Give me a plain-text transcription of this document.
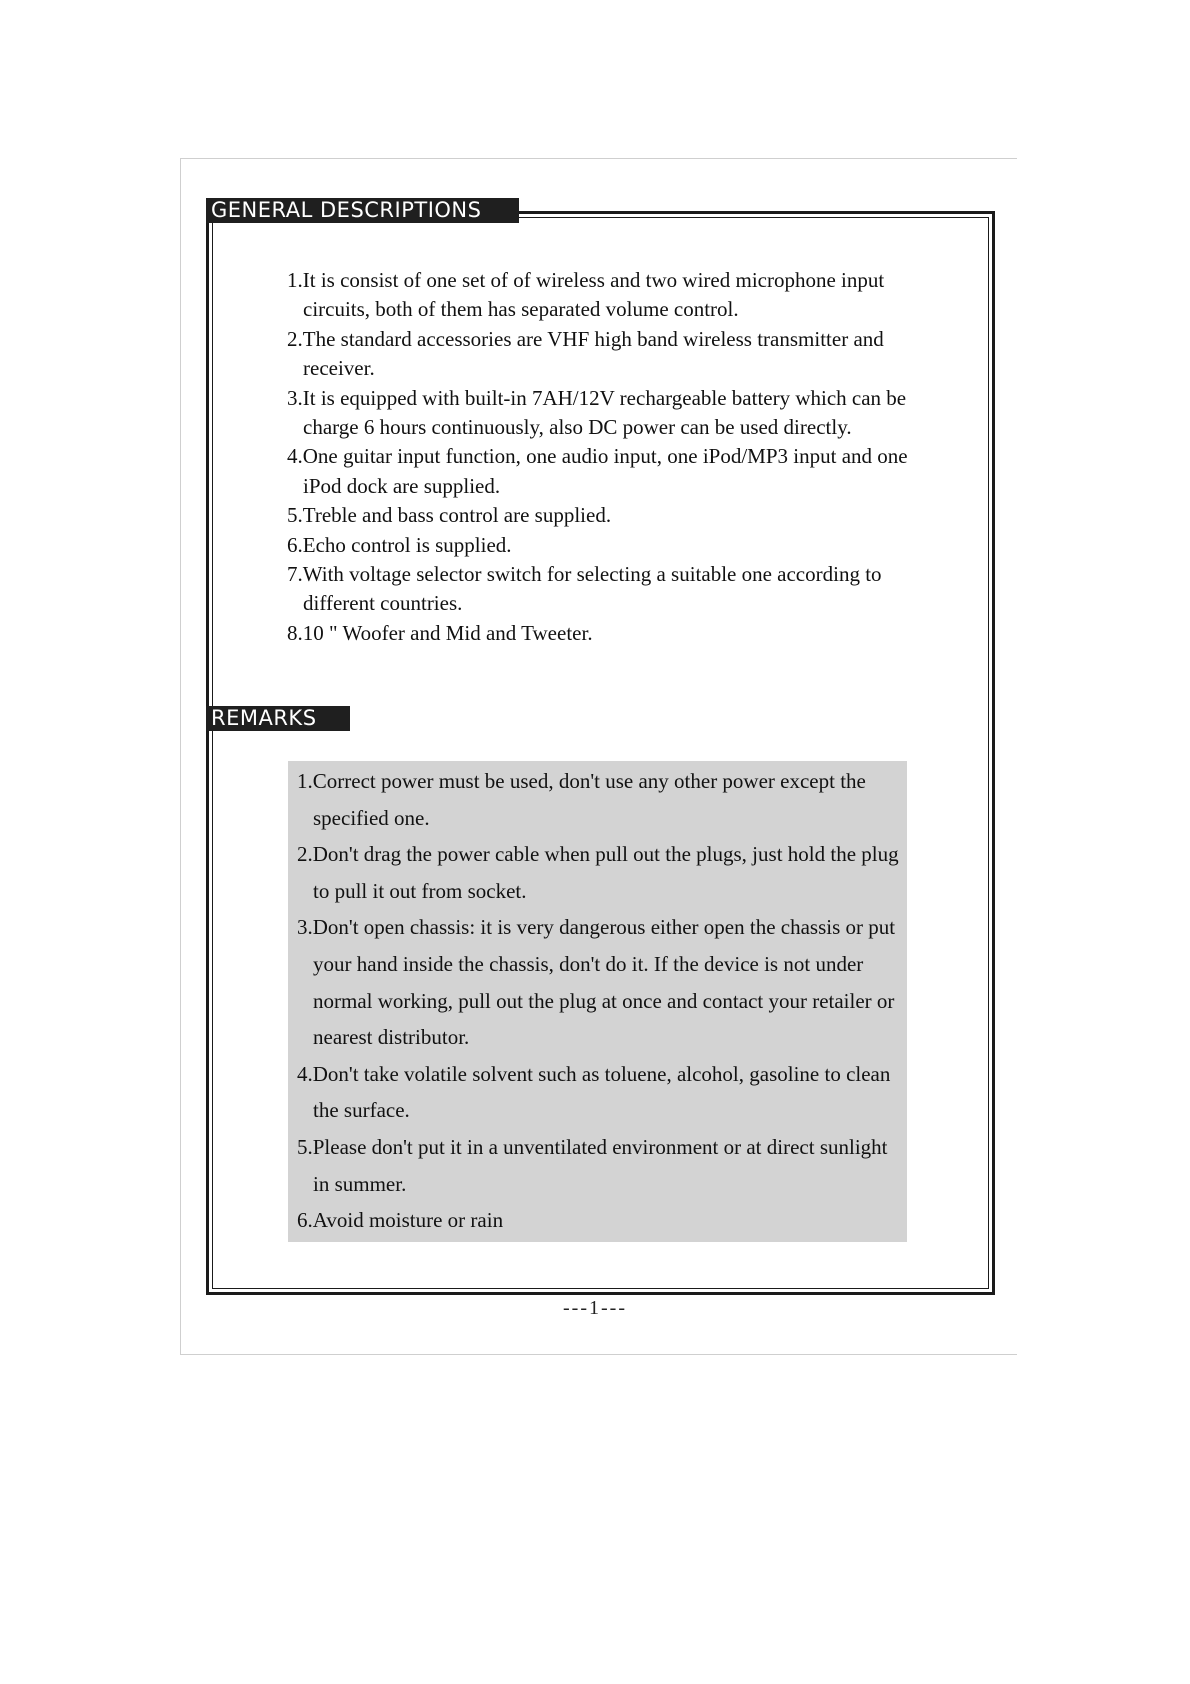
GENERAL DESCRIPTIONS
1.It is consist of one set of of wireless and two wired microphone input circuits, both of them has separated volume control.
2.The standard accessories are VHF high band wireless transmitter and receiver.
3.It is equipped with built-in 7AH/12V rechargeable battery which can be charge 6 hours continuously, also DC power can be used directly.
4.One guitar input function, one audio input, one iPod/MP3 input and one iPod dock are supplied.
5.Treble and bass control are supplied.
6.Echo control is supplied.
7.With voltage selector switch for selecting a suitable one according to different countries.
8.10 " Woofer and Mid and Tweeter.
REMARKS
1.Correct power must be used, don't use any other power except the specified one.
2.Don't drag the power cable when pull out the plugs, just hold the plug to pull it out from socket.
3.Don't open chassis: it is very dangerous either open the chassis or put your hand inside the chassis, don't do it. If the device is not under normal working, pull out the plug at once and contact your retailer or nearest distributor.
4.Don't take volatile solvent such as toluene, alcohol, gasoline to clean the surface.
5.Please don't put it in a unventilated environment or at direct sunlight in summer.
6.Avoid moisture or rain
---1---
